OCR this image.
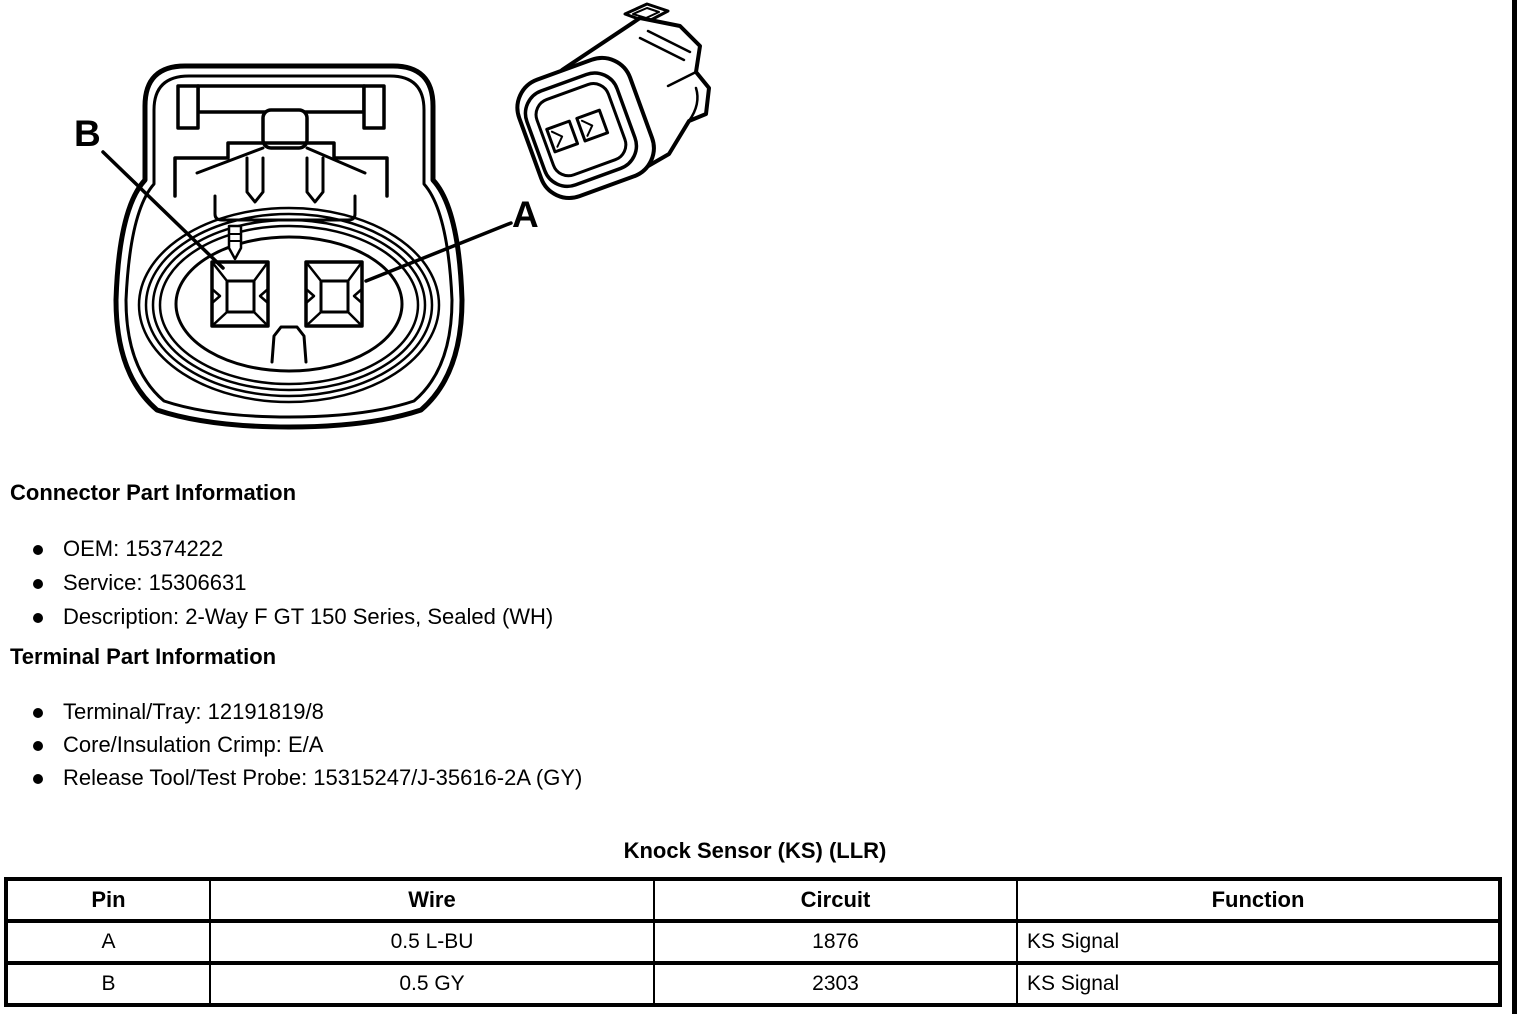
B
A
Connector Part Information
OEM: 15374222
Service: 15306631
Description: 2-Way F GT 150 Series, Sealed (WH)
Terminal Part Information
Terminal/Tray: 12191819/8
Core/Insulation Crimp: E/A
Release Tool/Test Probe: 15315247/J-35616-2A (GY)
Knock Sensor (KS) (LLR)
Pin	Wire	Circuit	Function
A	0.5 L-BU	1876	KS Signal
B	0.5 GY	2303	KS Signal
